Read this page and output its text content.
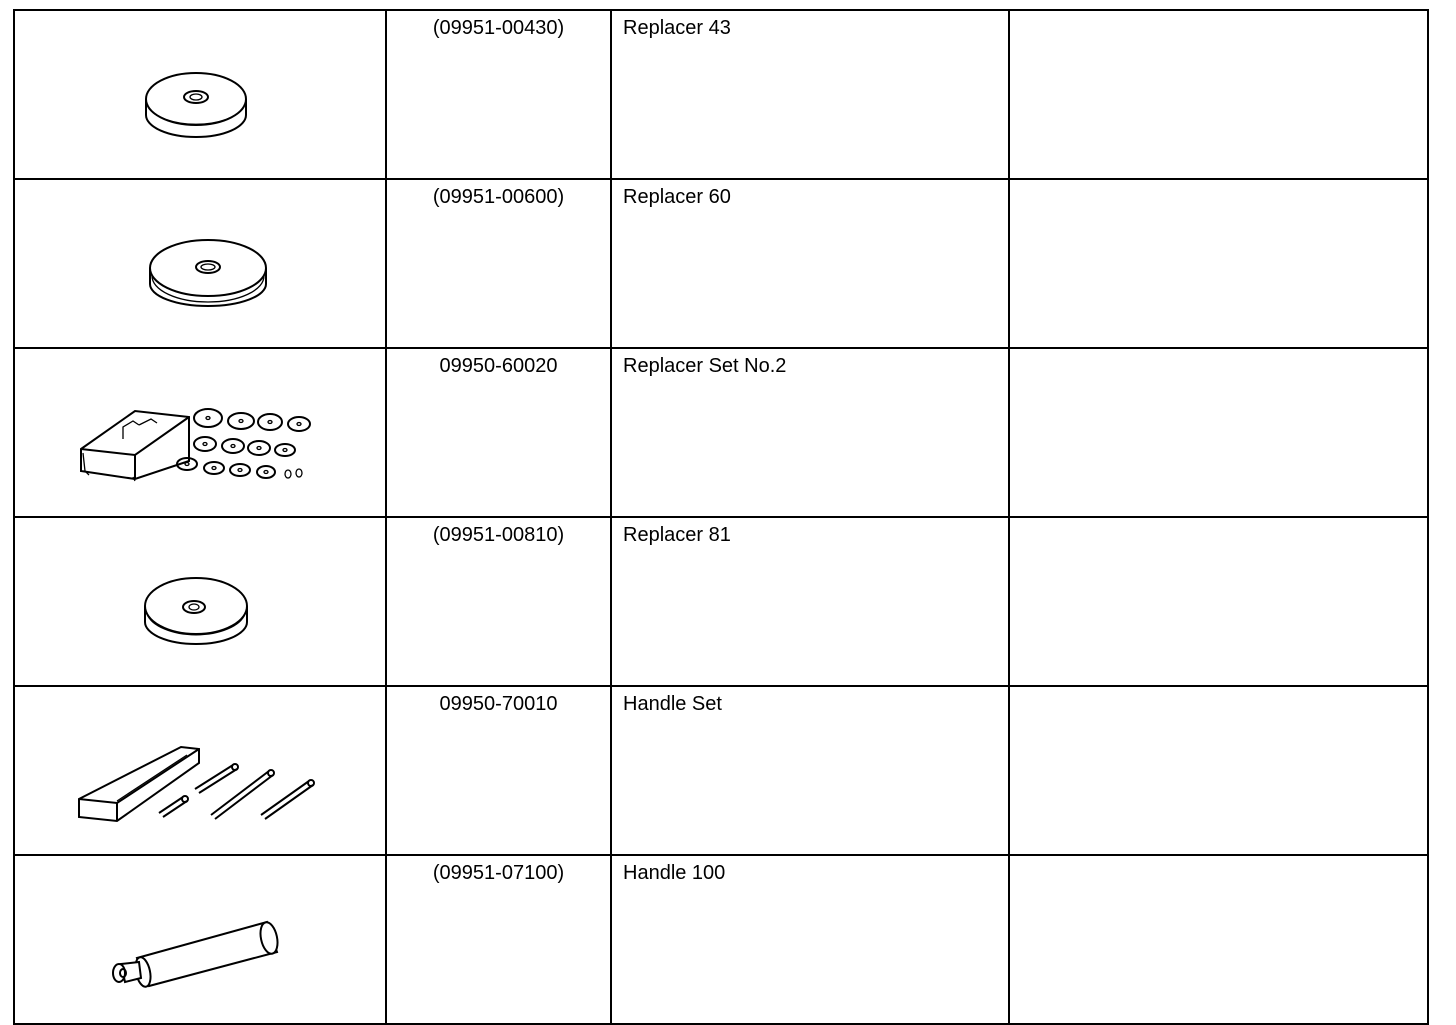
	(09951-00430)	Replacer 43	

	(09951-00600)	Replacer 60	

	09950-60020	Replacer Set No.2	

	(09951-00810)	Replacer 81	

	09950-70010	Handle Set	

	(09951-07100)	Handle 100	
